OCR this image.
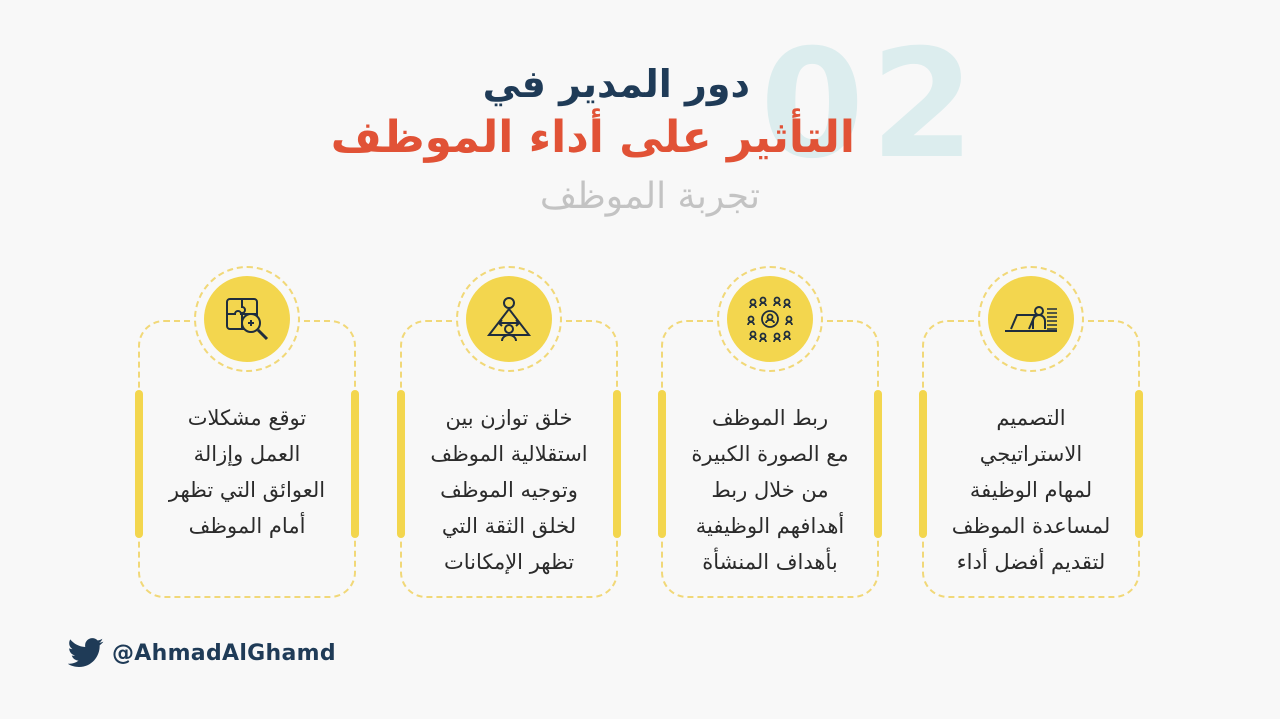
02
دور المدير في
التأثير على أداء الموظف
تجربة الموظف
توقع مشكلات
العمل وإزالة
العوائق التي تظهر
أمام الموظف
خلق توازن بين
استقلالية الموظف
وتوجيه الموظف
لخلق الثقة التي
تظهر الإمكانات
ربط الموظف
مع الصورة الكبيرة
من خلال ربط
أهدافهم الوظيفية
بأهداف المنشأة
التصميم
الاستراتيجي
لمهام الوظيفة
لمساعدة الموظف
لتقديم أفضل أداء
@AhmadAlGhamd
